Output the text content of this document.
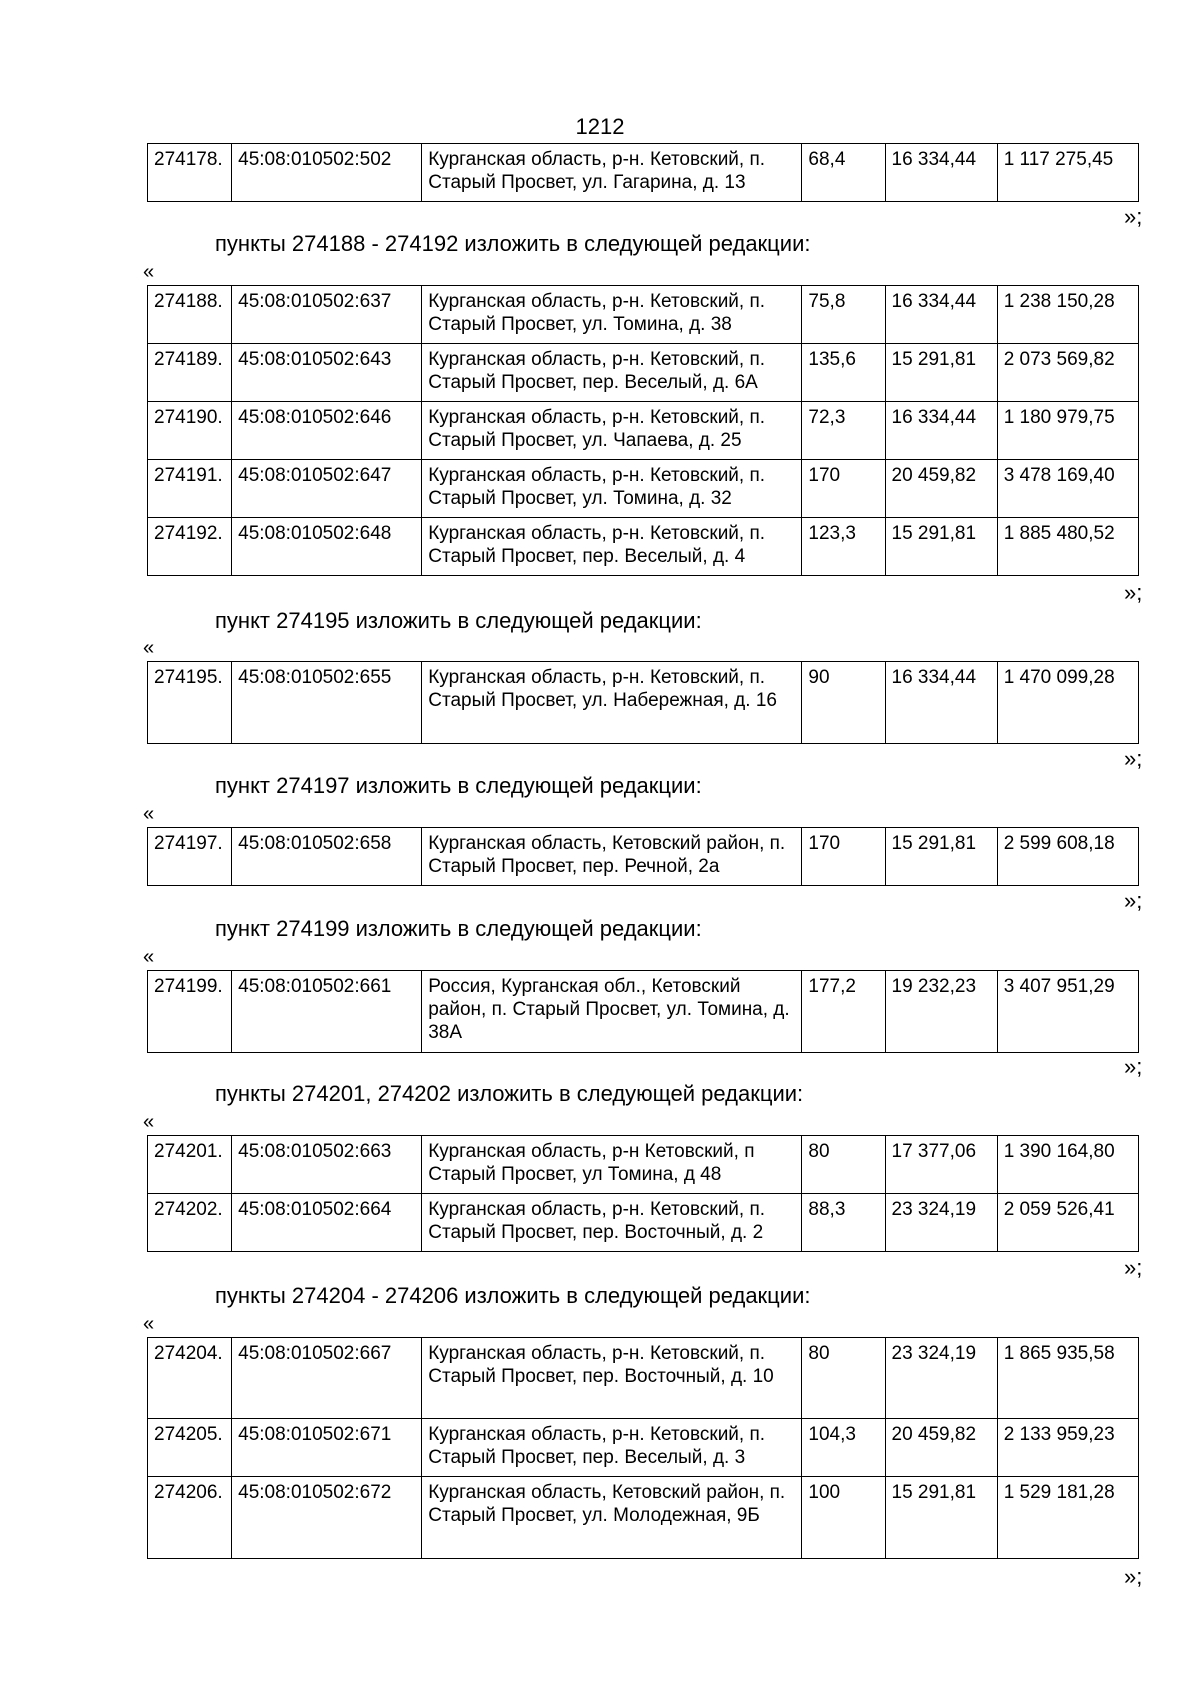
1212
274178.	45:08:010502:502	Курганская область, р-н. Кетовский, п. Старый Просвет, ул. Гагарина, д. 13	68,4	16 334,44	1 117 275,45
»;
пункты 274188 - 274192 изложить в следующей редакции:
«
274188.	45:08:010502:637	Курганская область, р-н. Кетовский, п. Старый Просвет, ул. Томина, д. 38	75,8	16 334,44	1 238 150,28
274189.	45:08:010502:643	Курганская область, р-н. Кетовский, п. Старый Просвет, пер. Веселый, д. 6А	135,6	15 291,81	2 073 569,82
274190.	45:08:010502:646	Курганская область, р-н. Кетовский, п. Старый Просвет, ул. Чапаева, д. 25	72,3	16 334,44	1 180 979,75
274191.	45:08:010502:647	Курганская область, р-н. Кетовский, п. Старый Просвет, ул. Томина, д. 32	170	20 459,82	3 478 169,40
274192.	45:08:010502:648	Курганская область, р-н. Кетовский, п. Старый Просвет, пер. Веселый, д. 4	123,3	15 291,81	1 885 480,52
»;
пункт 274195 изложить в следующей редакции:
«
274195.	45:08:010502:655	Курганская область, р-н. Кетовский, п. Старый Просвет, ул. Набережная, д. 16	90	16 334,44	1 470 099,28
»;
пункт 274197 изложить в следующей редакции:
«
274197.	45:08:010502:658	Курганская область, Кетовский район, п. Старый Просвет, пер. Речной, 2а	170	15 291,81	2 599 608,18
»;
пункт 274199 изложить в следующей редакции:
«
274199.	45:08:010502:661	Россия, Курганская обл., Кетовский район, п. Старый Просвет, ул. Томина, д. 38А	177,2	19 232,23	3 407 951,29
»;
пункты 274201, 274202 изложить в следующей редакции:
«
274201.	45:08:010502:663	Курганская область, р-н Кетовский, п Старый Просвет, ул Томина, д 48	80	17 377,06	1 390 164,80
274202.	45:08:010502:664	Курганская область, р-н. Кетовский, п. Старый Просвет, пер. Восточный, д. 2	88,3	23 324,19	2 059 526,41
»;
пункты 274204 - 274206 изложить в следующей редакции:
«
274204.	45:08:010502:667	Курганская область, р-н. Кетовский, п. Старый Просвет, пер. Восточный, д. 10	80	23 324,19	1 865 935,58
274205.	45:08:010502:671	Курганская область, р-н. Кетовский, п. Старый Просвет, пер. Веселый, д. 3	104,3	20 459,82	2 133 959,23
274206.	45:08:010502:672	Курганская область, Кетовский район, п. Старый Просвет, ул. Молодежная, 9Б	100	15 291,81	1 529 181,28
»;
